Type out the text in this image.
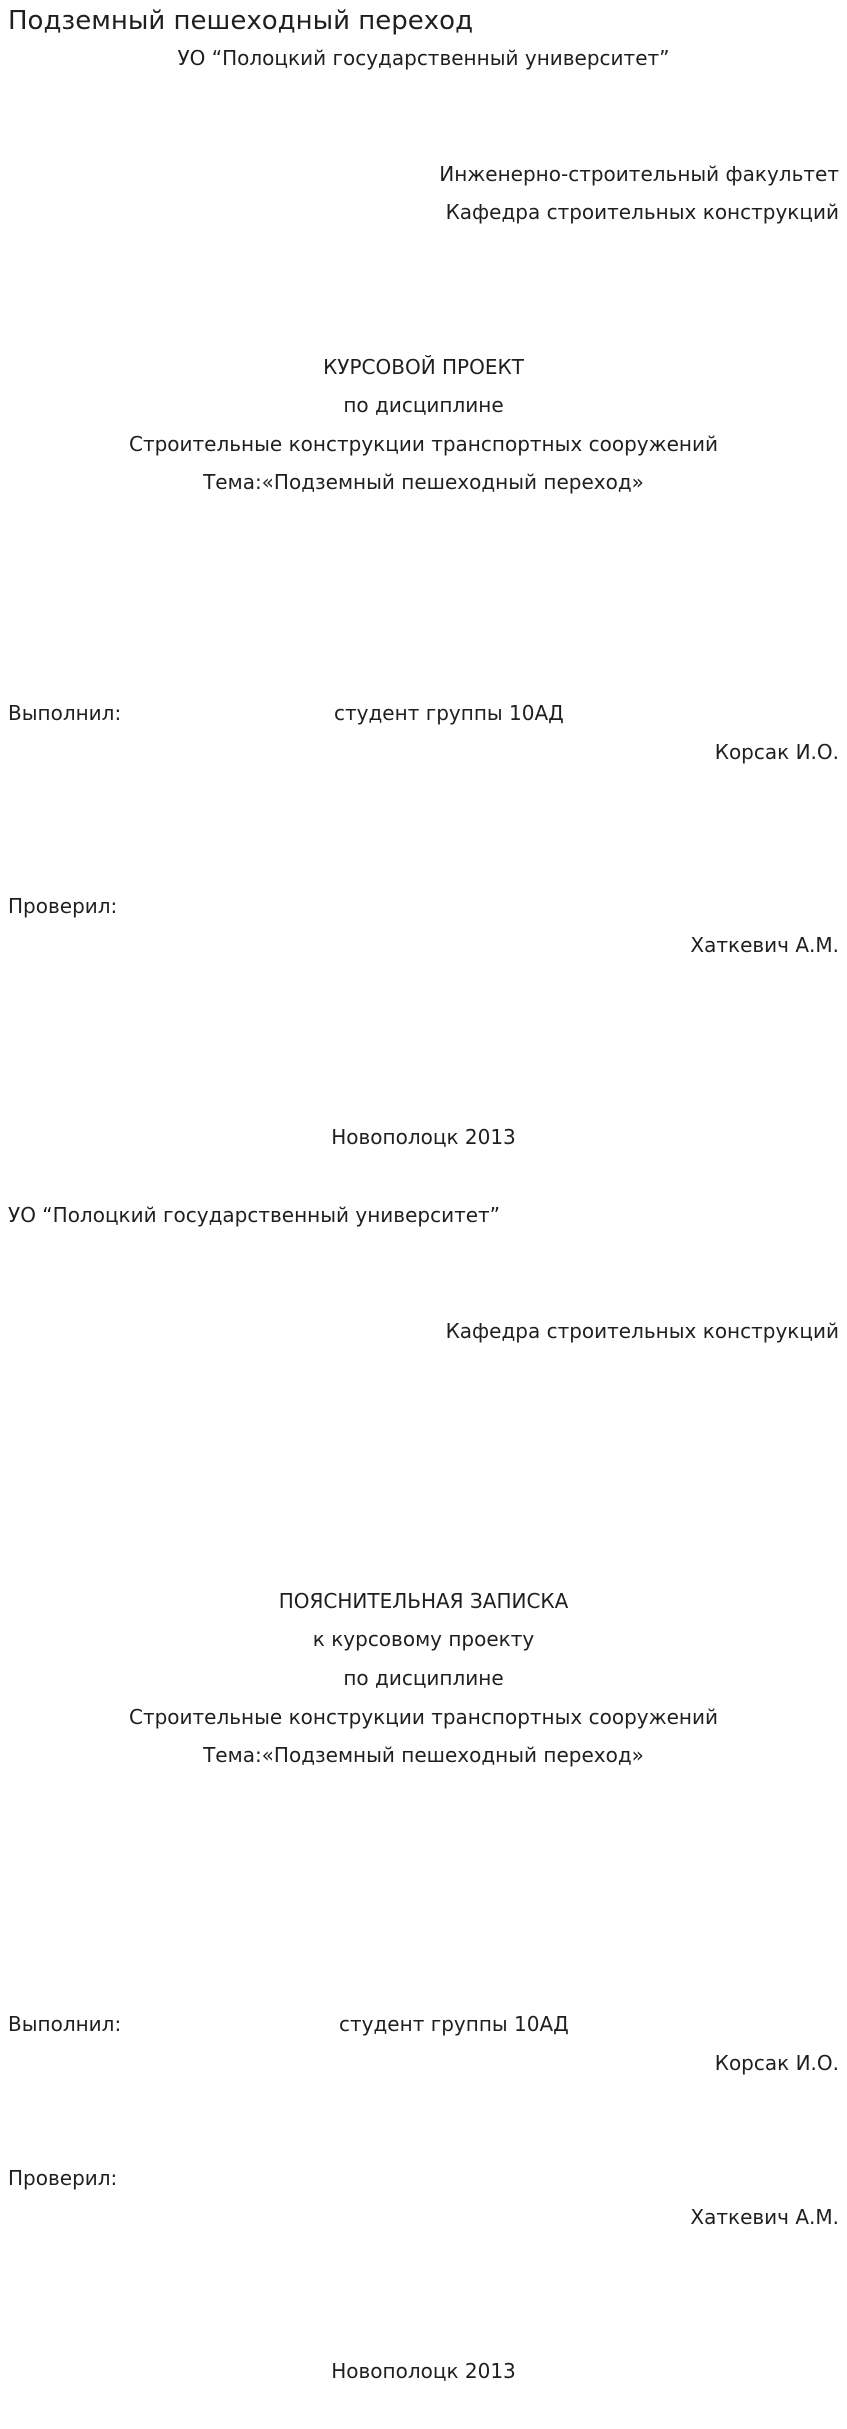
Подземный пешеходный переход
УО “Полоцкий государственный университет”
Инженерно-строительный факультет
Кафедра строительных конструкций
КУРСОВОЙ ПРОЕКТ
по дисциплине
Строительные конструкции транспортных сооружений
Тема:«Подземный пешеходный переход»
Выполнил:	студент группы 10АД
Корсак И.О.
Проверил:
Хаткевич А.М.
Новополоцк 2013
УО “Полоцкий государственный университет”
Кафедра строительных конструкций
ПОЯСНИТЕЛЬНАЯ ЗАПИСКА
к курсовому проекту
по дисциплине
Строительные конструкции транспортных сооружений
Тема:«Подземный пешеходный переход»
Выполнил:	студент группы 10АД
Корсак И.О.
Проверил:
Хаткевич А.М.
Новополоцк 2013
